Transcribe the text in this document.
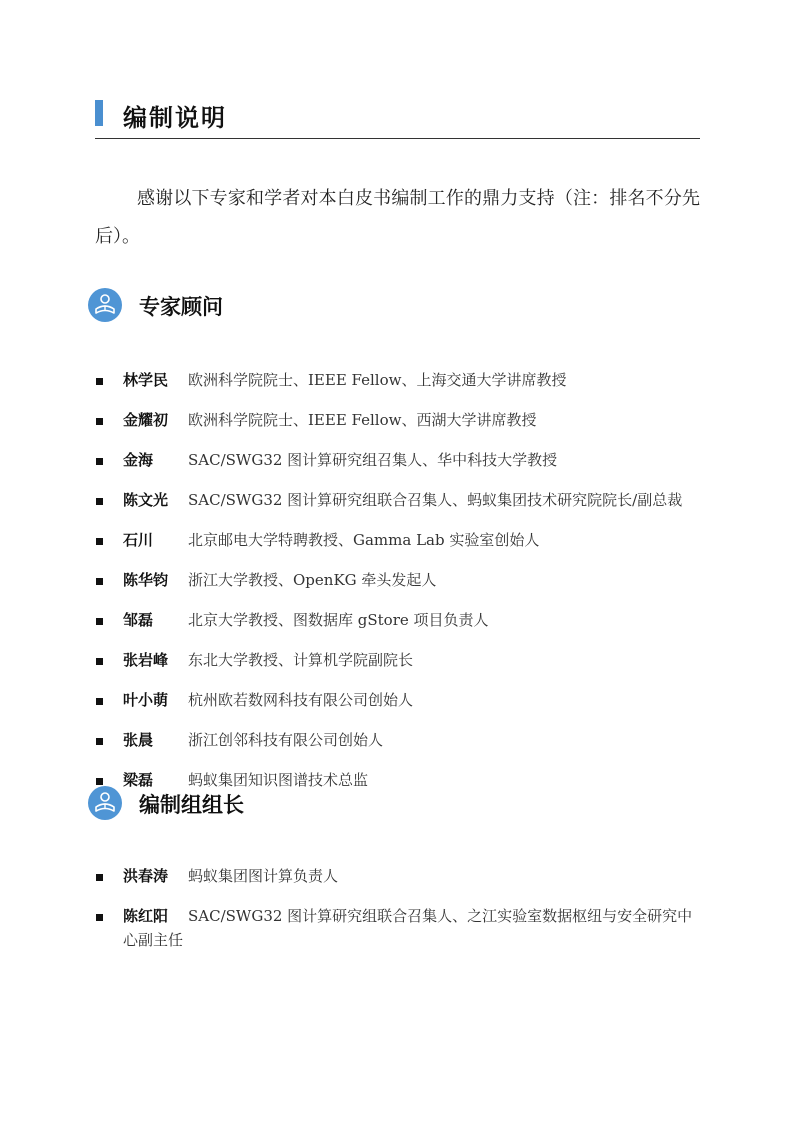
编制说明
感谢以下专家和学者对本白皮书编制工作的鼎力支持（注：排名不分先后）。
专家顾问
林学民 欧洲科学院院士、IEEE Fellow、上海交通大学讲席教授
金耀初 欧洲科学院院士、IEEE Fellow、西湖大学讲席教授
金海 SAC/SWG32 图计算研究组召集人、华中科技大学教授
陈文光 SAC/SWG32 图计算研究组联合召集人、蚂蚁集团技术研究院院长/副总裁
石川 北京邮电大学特聘教授、Gamma Lab 实验室创始人
陈华钧 浙江大学教授、OpenKG 牵头发起人
邹磊 北京大学教授、图数据库 gStore 项目负责人
张岩峰 东北大学教授、计算机学院副院长
叶小萌 杭州欧若数网科技有限公司创始人
张晨 浙江创邻科技有限公司创始人
梁磊 蚂蚁集团知识图谱技术总监
编制组组长
洪春涛 蚂蚁集团图计算负责人
陈红阳 SAC/SWG32 图计算研究组联合召集人、之江实验室数据枢纽与安全研究中
心副主任
